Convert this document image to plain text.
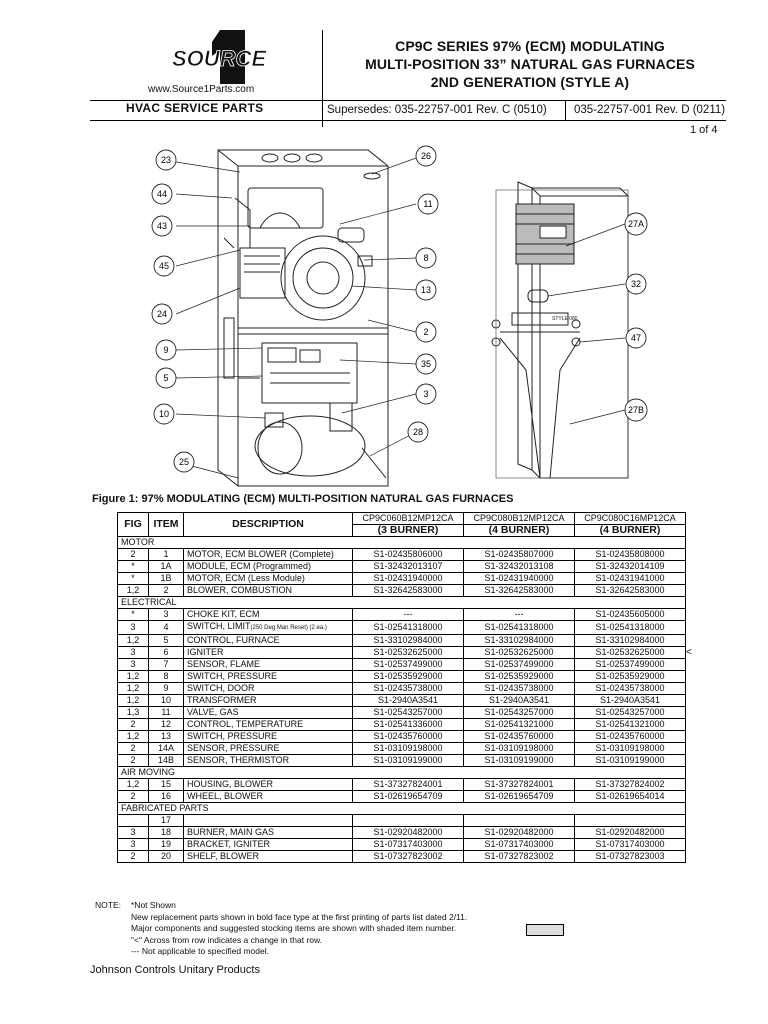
SOURCE
www.Source1Parts.com
CP9C SERIES 97% (ECM) MODULATING
MULTI-POSITION 33” NATURAL GAS FURNACES
2ND GENERATION (STYLE A)
HVAC SERVICE PARTS	Supersedes: 035-22757-001 Rev. C (0510) 035-22757-001 Rev. D (0211)
1 of 4
STYLE 080
23
44
43
45
24
9
5
10
25
26
11
8
13
2
35
3
28
27A
32
47
27B
Figure 1: 97% MODULATING (ECM) MULTI-POSITION NATURAL GAS FURNACES
FIG	ITEM	DESCRIPTION	CP9C060B12MP12CA	CP9C080B12MP12CA	CP9C080C16MP12CA
			(3 BURNER)	(4 BURNER)	(4 BURNER)
MOTOR					
2	1	MOTOR, ECM BLOWER (Complete)	S1-02435806000	S1-02435807000	S1-02435808000
*	1A	MODULE, ECM (Programmed)	S1-32432013107	S1-32432013108	S1-32432014109
*	1B	MOTOR, ECM (Less Module)	S1-02431940000	S1-02431940000	S1-02431941000
1,2	2	BLOWER, COMBUSTION	S1-32642583000	S1-32642583000	S1-32642583000
ELECTRICAL					
*	3	CHOKE KIT, ECM	---	---	S1-02435605000
3	4	SWITCH, LIMIT(250 Deg Man Reset) (2 ea.)	S1-02541318000	S1-02541318000	S1-02541318000
1,2	5	CONTROL, FURNACE	S1-33102984000	S1-33102984000	S1-33102984000
3	6	IGNITER	S1-02532625000	S1-02532625000	S1-02532625000
3	7	SENSOR, FLAME	S1-02537499000	S1-02537499000	S1-02537499000
1,2	8	SWITCH, PRESSURE	S1-02535929000	S1-02535929000	S1-02535929000
1,2	9	SWITCH, DOOR	S1-02435738000	S1-02435738000	S1-02435738000
1,2	10	TRANSFORMER	S1-2940A3541	S1-2940A3541	S1-2940A3541
1,3	11	VALVE, GAS	S1-02543257000	S1-02543257000	S1-02543257000
2	12	CONTROL, TEMPERATURE	S1-02541336000	S1-02541321000	S1-02541321000
1,2	13	SWITCH, PRESSURE	S1-02435760000	S1-02435760000	S1-02435760000
2	14A	SENSOR, PRESSURE	S1-03109198000	S1-03109198000	S1-03109198000
2	14B	SENSOR, THERMISTOR	S1-03109199000	S1-03109199000	S1-03109199000
AIR MOVING					
1,2	15	HOUSING, BLOWER	S1-37327824001	S1-37327824001	S1-37327824002
2	16	WHEEL, BLOWER	S1-02619654709	S1-02619654709	S1-02619654014
FABRICATED PARTS					
	17				
3	18	BURNER, MAIN GAS	S1-02920482000	S1-02920482000	S1-02920482000
3	19	BRACKET, IGNITER	S1-07317403000	S1-07317403000	S1-07317403000
2	20	SHELF, BLOWER	S1-07327823002	S1-07327823002	S1-07327823003
<
NOTE: *Not Shown
New replacement parts shown in bold face type at the first printing of parts list dated 2/11.
Major components and suggested stocking items are shown with shaded item number.
"<" Across from row indicates a change in that row.
--- Not applicable to specified model.
Johnson Controls Unitary Products
